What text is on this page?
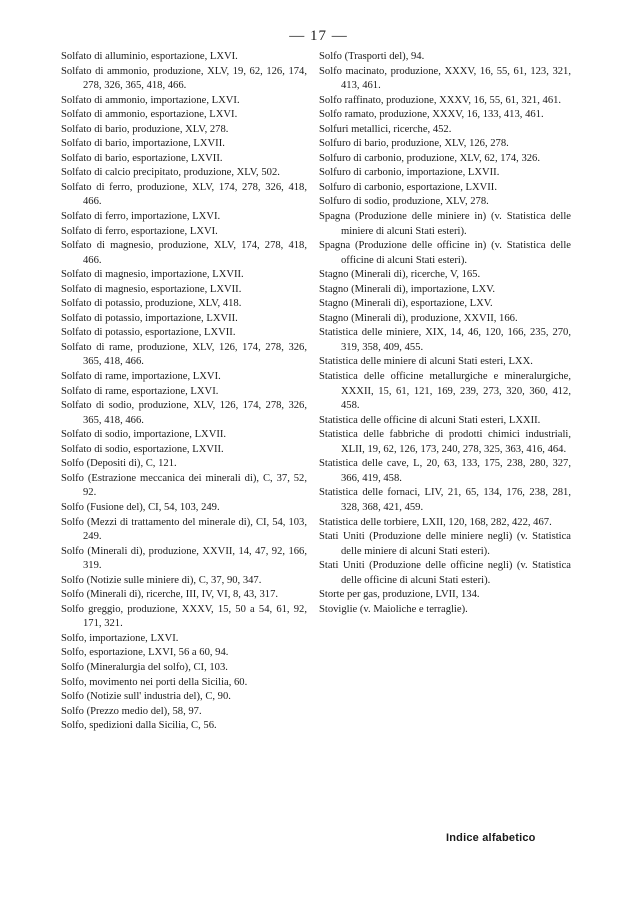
— 17 —

Solfato di alluminio, esportazione, LXVI.

Solfato di ammonio, produzione, XLV, 19, 62, 126, 174, 278, 326, 365, 418, 466.

Solfato di ammonio, importazione, LXVI.

Solfato di ammonio, esportazione, LXVI.

Solfato di bario, produzione, XLV, 278.

Solfato di bario, importazione, LXVII.

Solfato di bario, esportazione, LXVII.

Solfato di calcio precipitato, produzione, XLV, 502.

Solfato di ferro, produzione, XLV, 174, 278, 326, 418, 466.

Solfato di ferro, importazione, LXVI.

Solfato di ferro, esportazione, LXVI.

Solfato di magnesio, produzione, XLV, 174, 278, 418, 466.

Solfato di magnesio, importazione, LXVII.

Solfato di magnesio, esportazione, LXVII.

Solfato di potassio, produzione, XLV, 418.

Solfato di potassio, importazione, LXVII.

Solfato di potassio, esportazione, LXVII.

Solfato di rame, produzione, XLV, 126, 174, 278, 326, 365, 418, 466.

Solfato di rame, importazione, LXVI.

Solfato di rame, esportazione, LXVI.

Solfato di sodio, produzione, XLV, 126, 174, 278, 326, 365, 418, 466.

Solfato di sodio, importazione, LXVII.

Solfato di sodio, esportazione, LXVII.

Solfo (Depositi di), C, 121.

Solfo (Estrazione meccanica dei minerali di), C, 37, 52, 92.

Solfo (Fusione del), CI, 54, 103, 249.

Solfo (Mezzi di trattamento del minerale di), CI, 54, 103, 249.

Solfo (Minerali di), produzione, XXVII, 14, 47, 92, 166, 319.

Solfo (Notizie sulle miniere di), C, 37, 90, 347.

Solfo (Minerali di), ricerche, III, IV, VI, 8, 43, 317.

Solfo greggio, produzione, XXXV, 15, 50 a 54, 61, 92, 171, 321.

Solfo, importazione, LXVI.

Solfo, esportazione, LXVI, 56 a 60, 94.

Solfo (Mineralurgia del solfo), CI, 103.

Solfo, movimento nei porti della Sicilia, 60.

Solfo (Notizie sull' industria del), C, 90.

Solfo (Prezzo medio del), 58, 97.

Solfo, spedizioni dalla Sicilia, C, 56.

Solfo (Trasporti del), 94.

Solfo macinato, produzione, XXXV, 16, 55, 61, 123, 321, 413, 461.

Solfo raffinato, produzione, XXXV, 16, 55, 61, 321, 461.

Solfo ramato, produzione, XXXV, 16, 133, 413, 461.

Solfuri metallici, ricerche, 452.

Solfuro di bario, produzione, XLV, 126, 278.

Solfuro di carbonio, produzione, XLV, 62, 174, 326.

Solfuro di carbonio, importazione, LXVII.

Solfuro di carbonio, esportazione, LXVII.

Solfuro di sodio, produzione, XLV, 278.

Spagna (Produzione delle miniere in) (v. Statistica delle miniere di alcuni Stati esteri).

Spagna (Produzione delle officine in) (v. Statistica delle officine di alcuni Stati esteri).

Stagno (Minerali di), ricerche, V, 165.

Stagno (Minerali di), importazione, LXV.

Stagno (Minerali di), esportazione, LXV.

Stagno (Minerali di), produzione, XXVII, 166.

Statistica delle miniere, XIX, 14, 46, 120, 166, 235, 270, 319, 358, 409, 455.

Statistica delle miniere di alcuni Stati esteri, LXX.

Statistica delle officine metallurgiche e mineralurgiche, XXXII, 15, 61, 121, 169, 239, 273, 320, 360, 412, 458.

Statistica delle officine di alcuni Stati esteri, LXXII.

Statistica delle fabbriche di prodotti chimici industriali, XLII, 19, 62, 126, 173, 240, 278, 325, 363, 416, 464.

Statistica delle cave, L, 20, 63, 133, 175, 238, 280, 327, 366, 419, 458.

Statistica delle fornaci, LIV, 21, 65, 134, 176, 238, 281, 328, 368, 421, 459.

Statistica delle torbiere, LXII, 120, 168, 282, 422, 467.

Stati Uniti (Produzione delle miniere negli) (v. Statistica delle miniere di alcuni Stati esteri).

Stati Uniti (Produzione delle officine negli) (v. Statistica delle officine di alcuni Stati esteri).

Storte per gas, produzione, LVII, 134.

Stoviglie (v. Maioliche e terraglie).

Indice alfabetico
